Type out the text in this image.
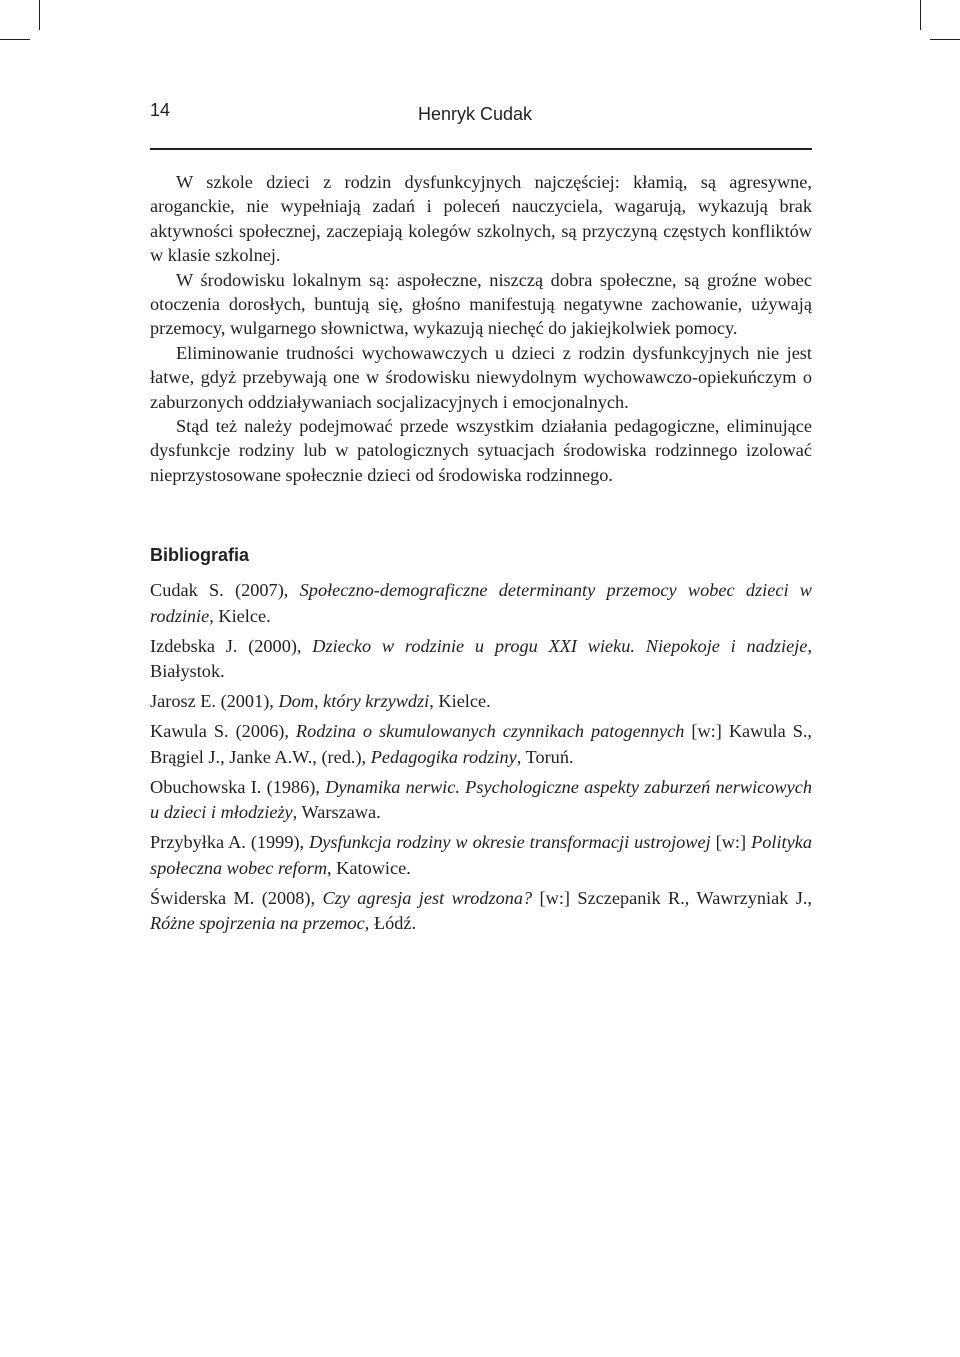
14	Henryk Cudak

W szkole dzieci z rodzin dysfunkcyjnych najczęściej: kłamią, są agresywne, aroganckie, nie wypełniają zadań i poleceń nauczyciela, wagarują, wykazują brak aktywności społecznej, zaczepiają kolegów szkolnych, są przyczyną częstych konfliktów w klasie szkolnej.

W środowisku lokalnym są: aspołeczne, niszczą dobra społeczne, są groźne wobec otoczenia dorosłych, buntują się, głośno manifestują negatywne zachowanie, używają przemocy, wulgarnego słownictwa, wykazują niechęć do jakiejkolwiek pomocy.

Eliminowanie trudności wychowawczych u dzieci z rodzin dysfunkcyjnych nie jest łatwe, gdyż przebywają one w środowisku niewydolnym wychowawczo-opiekuńczym o zaburzonych oddziaływaniach socjalizacyjnych i emocjonalnych.

Stąd też należy podejmować przede wszystkim działania pedagogiczne, eliminujące dysfunkcje rodziny lub w patologicznych sytuacjach środowiska rodzinnego izolować nieprzystosowane społecznie dzieci od środowiska rodzinnego.

Bibliografia

Cudak S. (2007), Społeczno-demograficzne determinanty przemocy wobec dzieci w rodzinie, Kielce.

Izdebska J. (2000), Dziecko w rodzinie u progu XXI wieku. Niepokoje i nadzieje, Białystok.

Jarosz E. (2001), Dom, który krzywdzi, Kielce.

Kawula S. (2006), Rodzina o skumulowanych czynnikach patogennych [w:] Kawula S., Brągiel J., Janke A.W., (red.), Pedagogika rodziny, Toruń.

Obuchowska I. (1986), Dynamika nerwic. Psychologiczne aspekty zaburzeń nerwicowych u dzieci i młodzieży, Warszawa.

Przybyłka A. (1999), Dysfunkcja rodziny w okresie transformacji ustrojowej [w:] Polityka społeczna wobec reform, Katowice.

Świderska M. (2008), Czy agresja jest wrodzona? [w:] Szczepanik R., Wawrzyniak J., Różne spojrzenia na przemoc, Łódź.
